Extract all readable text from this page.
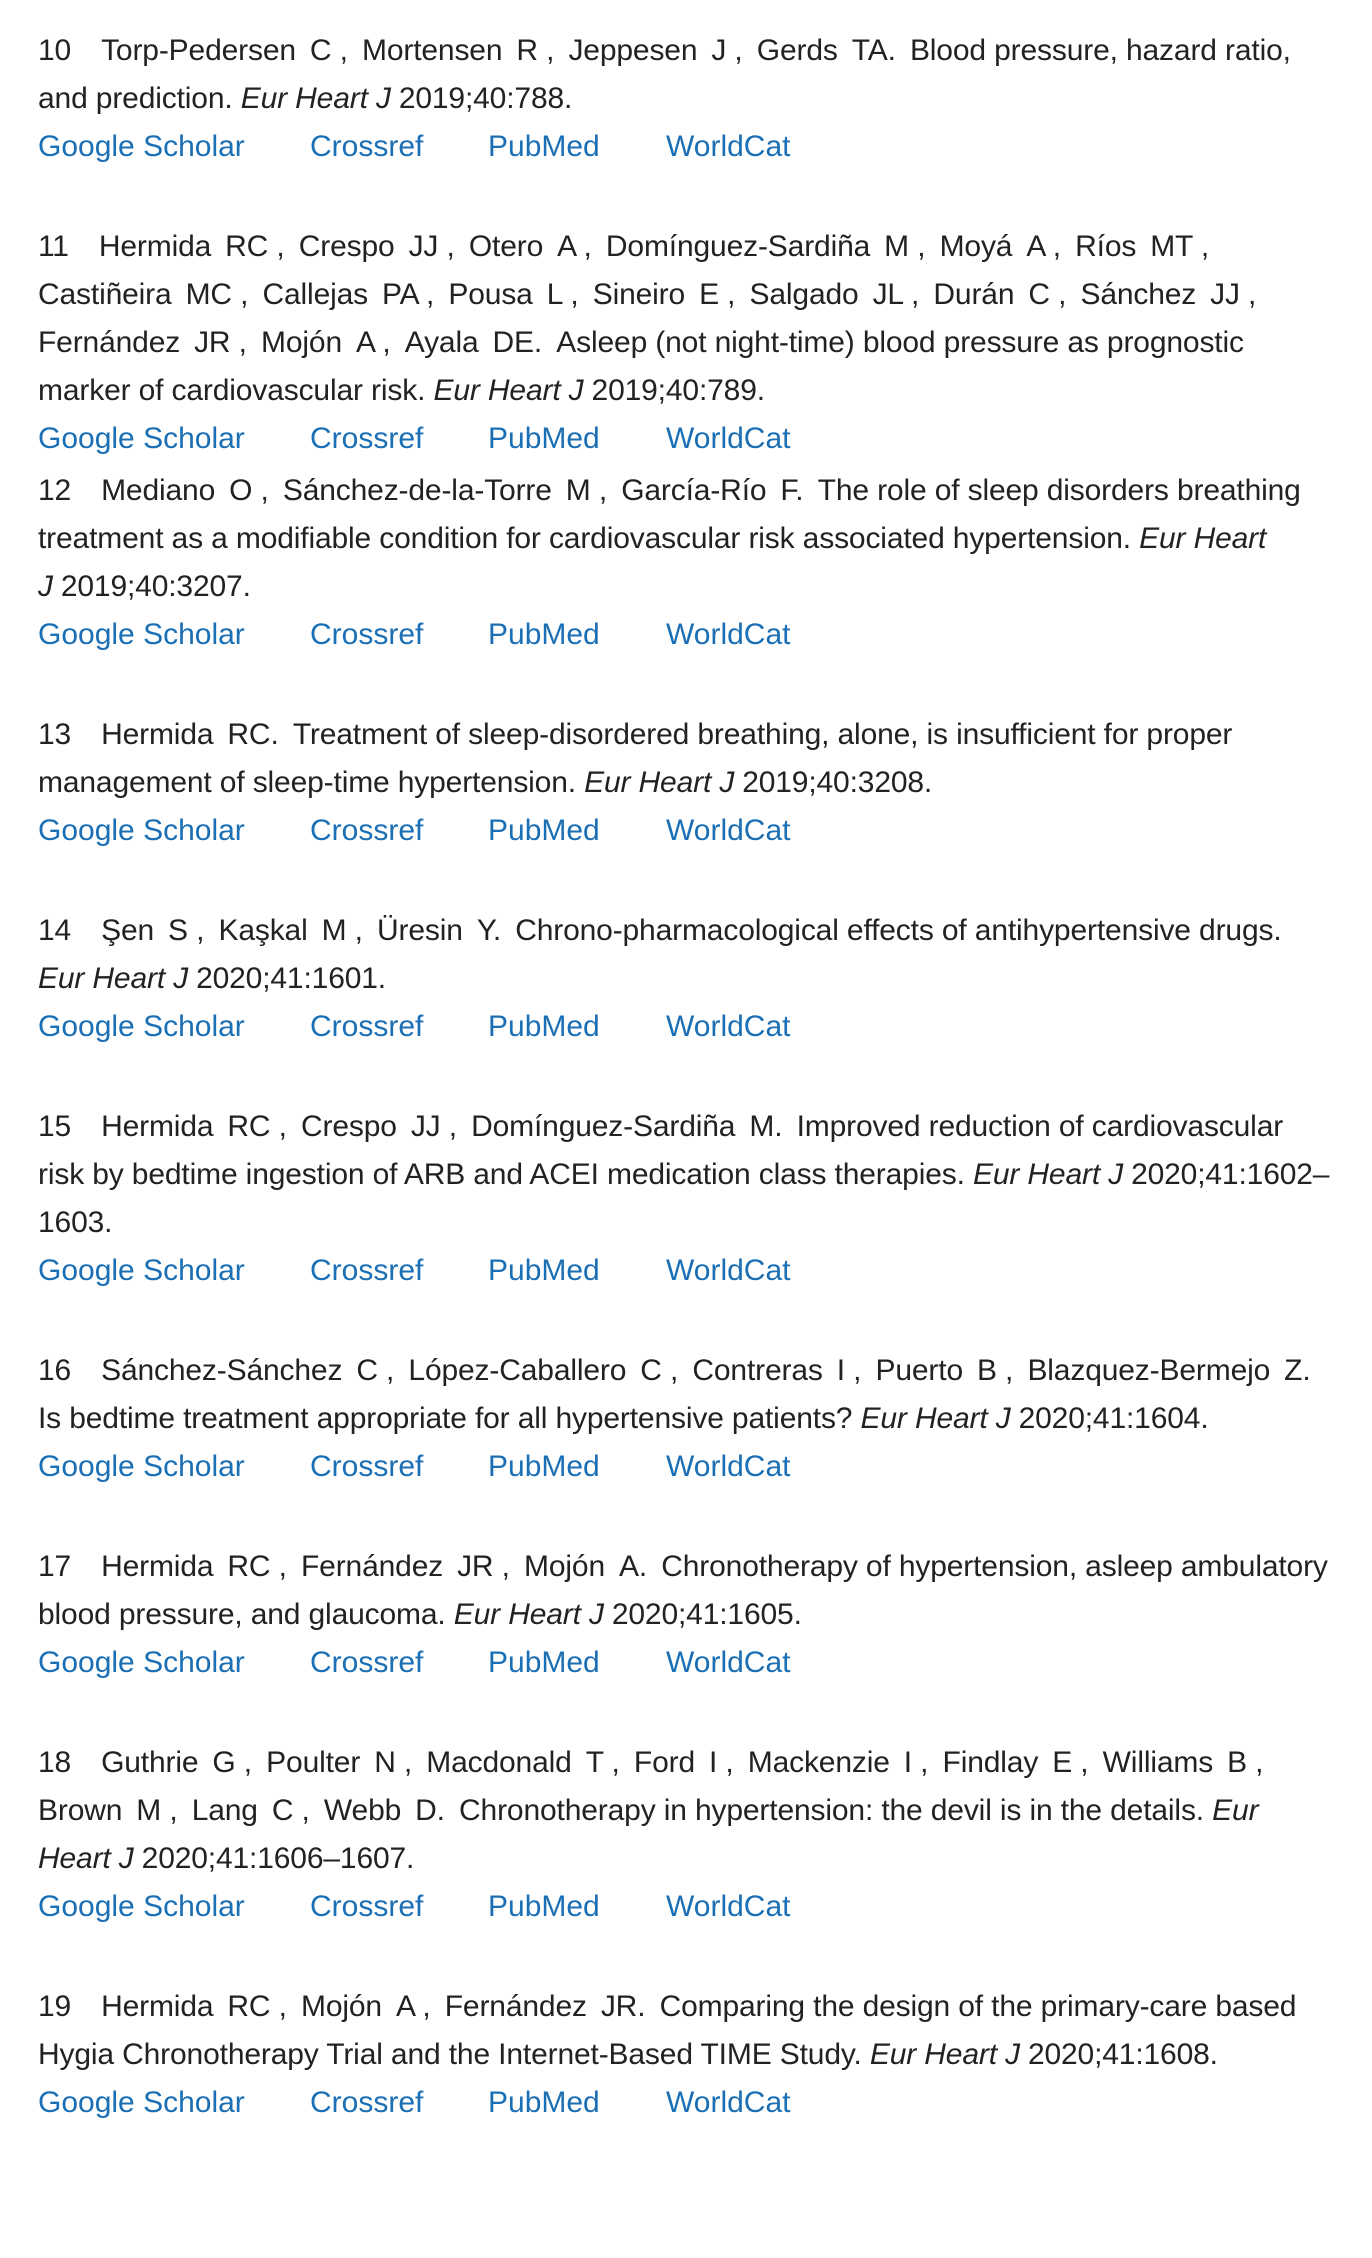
10 Torp-Pedersen C , Mortensen R , Jeppesen J , Gerds TA. Blood pressure, hazard ratio, and prediction. Eur Heart J 2019;40:788.
Google Scholar	Crossref	PubMed	WorldCat
11 Hermida RC , Crespo JJ , Otero A , Domínguez-Sardiña M , Moyá A , Ríos MT , Castiñeira MC , Callejas PA , Pousa L , Sineiro E , Salgado JL , Durán C , Sánchez JJ , Fernández JR , Mojón A , Ayala DE. Asleep (not night-time) blood pressure as prognostic marker of cardiovascular risk. Eur Heart J 2019;40:789.
Google Scholar	Crossref	PubMed	WorldCat
12 Mediano O , Sánchez-de-la-Torre M , García-Río F. The role of sleep disorders breathing treatment as a modifiable condition for cardiovascular risk associated hypertension. Eur Heart J 2019;40:3207.
Google Scholar	Crossref	PubMed	WorldCat
13 Hermida RC. Treatment of sleep-disordered breathing, alone, is insufficient for proper management of sleep-time hypertension. Eur Heart J 2019;40:3208.
Google Scholar	Crossref	PubMed	WorldCat
14 Şen S , Kaşkal M , Üresin Y. Chrono-pharmacological effects of antihypertensive drugs. Eur Heart J 2020;41:1601.
Google Scholar	Crossref	PubMed	WorldCat
15 Hermida RC , Crespo JJ , Domínguez-Sardiña M. Improved reduction of cardiovascular risk by bedtime ingestion of ARB and ACEI medication class therapies. Eur Heart J 2020;41:1602–1603.
Google Scholar	Crossref	PubMed	WorldCat
16 Sánchez-Sánchez C , López-Caballero C , Contreras I , Puerto B , Blazquez-Bermejo Z. Is bedtime treatment appropriate for all hypertensive patients? Eur Heart J 2020;41:1604.
Google Scholar	Crossref	PubMed	WorldCat
17 Hermida RC , Fernández JR , Mojón A. Chronotherapy of hypertension, asleep ambulatory blood pressure, and glaucoma. Eur Heart J 2020;41:1605.
Google Scholar	Crossref	PubMed	WorldCat
18 Guthrie G , Poulter N , Macdonald T , Ford I , Mackenzie I , Findlay E , Williams B , Brown M , Lang C , Webb D. Chronotherapy in hypertension: the devil is in the details. Eur Heart J 2020;41:1606–1607.
Google Scholar	Crossref	PubMed	WorldCat
19 Hermida RC , Mojón A , Fernández JR. Comparing the design of the primary-care based Hygia Chronotherapy Trial and the Internet-Based TIME Study. Eur Heart J 2020;41:1608.
Google Scholar	Crossref	PubMed	WorldCat
